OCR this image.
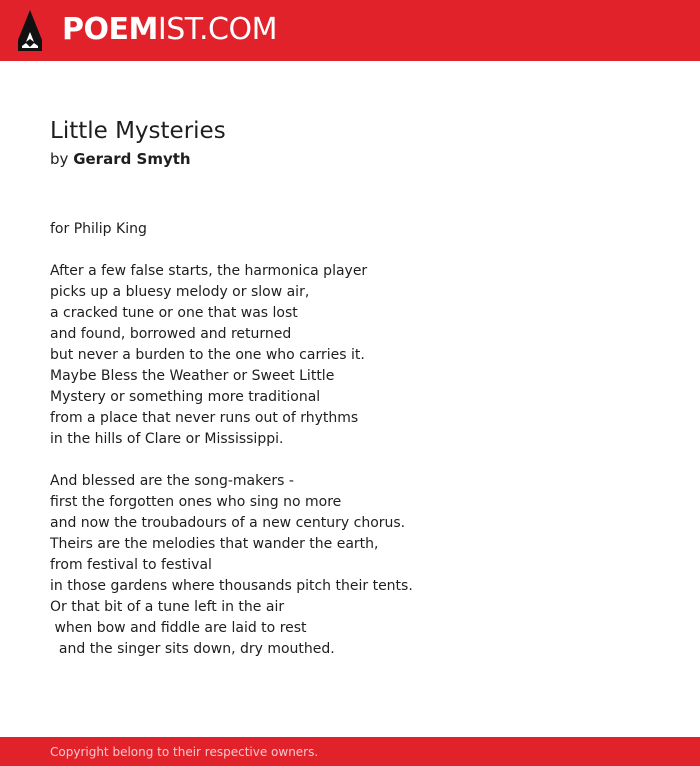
POEMIST.COM
Little Mysteries
by Gerard Smyth
for Philip King
After a few false starts, the harmonica player
picks up a bluesy melody or slow air,
a cracked tune or one that was lost
and found, borrowed and returned
but never a burden to the one who carries it.
Maybe Bless the Weather or Sweet Little
Mystery or something more traditional
from a place that never runs out of rhythms
in the hills of Clare or Mississippi.
And blessed are the song-makers -
first the forgotten ones who sing no more
and now the troubadours of a new century chorus.
Theirs are the melodies that wander the earth,
from festival to festival
in those gardens where thousands pitch their tents.
Or that bit of a tune left in the air
when bow and fiddle are laid to rest
and the singer sits down, dry mouthed.
Copyright belong to their respective owners.
